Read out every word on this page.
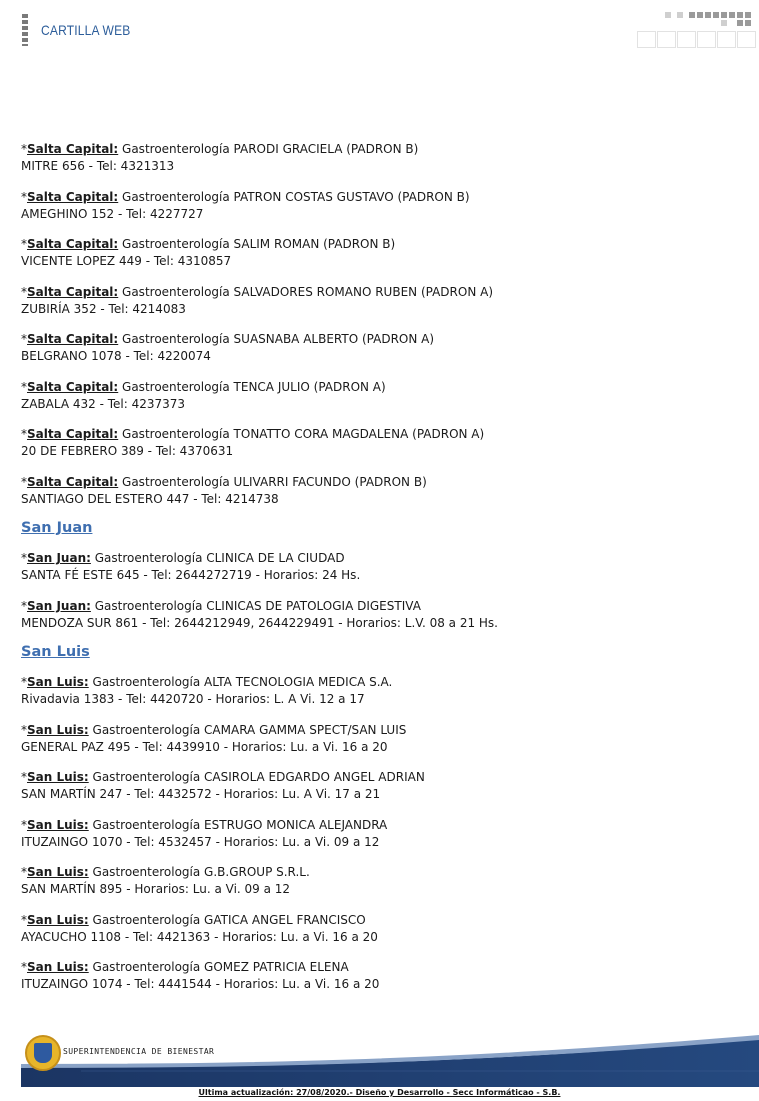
CARTILLA WEB
*Salta Capital: Gastroenterología PARODI GRACIELA (PADRON B)
MITRE 656 - Tel: 4321313
*Salta Capital: Gastroenterología PATRON COSTAS GUSTAVO (PADRON B)
AMEGHINO 152 - Tel: 4227727
*Salta Capital: Gastroenterología SALIM ROMAN (PADRON B)
VICENTE LOPEZ 449 - Tel: 4310857
*Salta Capital: Gastroenterología SALVADORES ROMANO RUBEN (PADRON A)
ZUBIRÍA 352 - Tel: 4214083
*Salta Capital: Gastroenterología SUASNABA ALBERTO (PADRON A)
BELGRANO 1078 - Tel: 4220074
*Salta Capital: Gastroenterología TENCA JULIO (PADRON A)
ZABALA 432 - Tel: 4237373
*Salta Capital: Gastroenterología TONATTO CORA MAGDALENA (PADRON A)
20 DE FEBRERO 389 - Tel: 4370631
*Salta Capital: Gastroenterología ULIVARRI FACUNDO (PADRON B)
SANTIAGO DEL ESTERO 447 - Tel: 4214738
San Juan
*San Juan: Gastroenterología CLINICA DE LA CIUDAD
SANTA FÉ ESTE 645 - Tel: 2644272719 - Horarios: 24 Hs.
*San Juan: Gastroenterología CLINICAS DE PATOLOGIA DIGESTIVA
MENDOZA SUR 861 - Tel: 2644212949, 2644229491 - Horarios: L.V. 08 a 21 Hs.
San Luis
*San Luis: Gastroenterología ALTA TECNOLOGIA MEDICA S.A.
Rivadavia 1383 - Tel: 4420720 - Horarios: L. A Vi. 12 a 17
*San Luis: Gastroenterología CAMARA GAMMA SPECT/SAN LUIS
GENERAL PAZ 495 - Tel: 4439910 - Horarios: Lu. a Vi. 16 a 20
*San Luis: Gastroenterología CASIROLA EDGARDO ANGEL ADRIAN
SAN MARTÍN 247 - Tel: 4432572 - Horarios: Lu. A Vi. 17 a 21
*San Luis: Gastroenterología ESTRUGO MONICA ALEJANDRA
ITUZAINGO 1070 - Tel: 4532457 - Horarios: Lu. a Vi. 09 a 12
*San Luis: Gastroenterología G.B.GROUP S.R.L.
SAN MARTÍN 895 - Horarios: Lu. a Vi. 09 a 12
*San Luis: Gastroenterología GATICA ANGEL FRANCISCO
AYACUCHO 1108 - Tel: 4421363 - Horarios: Lu. a Vi. 16 a 20
*San Luis: Gastroenterología GOMEZ PATRICIA ELENA
ITUZAINGO 1074 - Tel: 4441544 - Horarios: Lu. a Vi. 16 a 20
SUPERINTENDENCIA DE BIENESTAR
Ultima actualización: 27/08/2020.- Diseño y Desarrollo - Secc Informáticao - S.B.
